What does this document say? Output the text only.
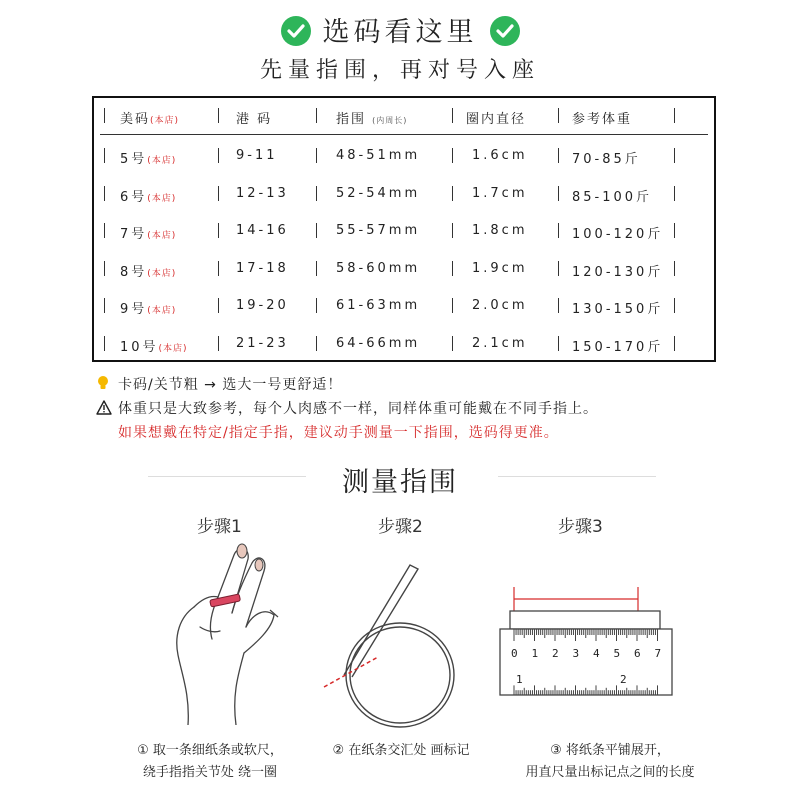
选码看这里
先量指围，再对号入座
美码(本店)	港 码	指围 (内周长)	圈内直径	参考体重
5号(本店)	9-11	48-51mm	1.6cm	70-85斤
6号(本店)	12-13	52-54mm	1.7cm	85-100斤
7号(本店)	14-16	55-57mm	1.8cm	100-120斤
8号(本店)	17-18	58-60mm	1.9cm	120-130斤
9号(本店)	19-20	61-63mm	2.0cm	130-150斤
10号(本店)	21-23	64-66mm	2.1cm	150-170斤
卡码/关节粗 → 选大一号更舒适！
体重只是大致参考，每个人肉感不一样，同样体重可能戴在不同手指上。
如果想戴在特定/指定手指，建议动手测量一下指围，选码得更准。
测量指围
步骤1	步骤2	步骤3
0 1 2 3 4 5 6 7
1	2
① 取一条细纸条或软尺，
绕手指指关节处 绕一圈
② 在纸条交汇处 画标记	③ 将纸条平铺展开，
用直尺量出标记点之间的长度
